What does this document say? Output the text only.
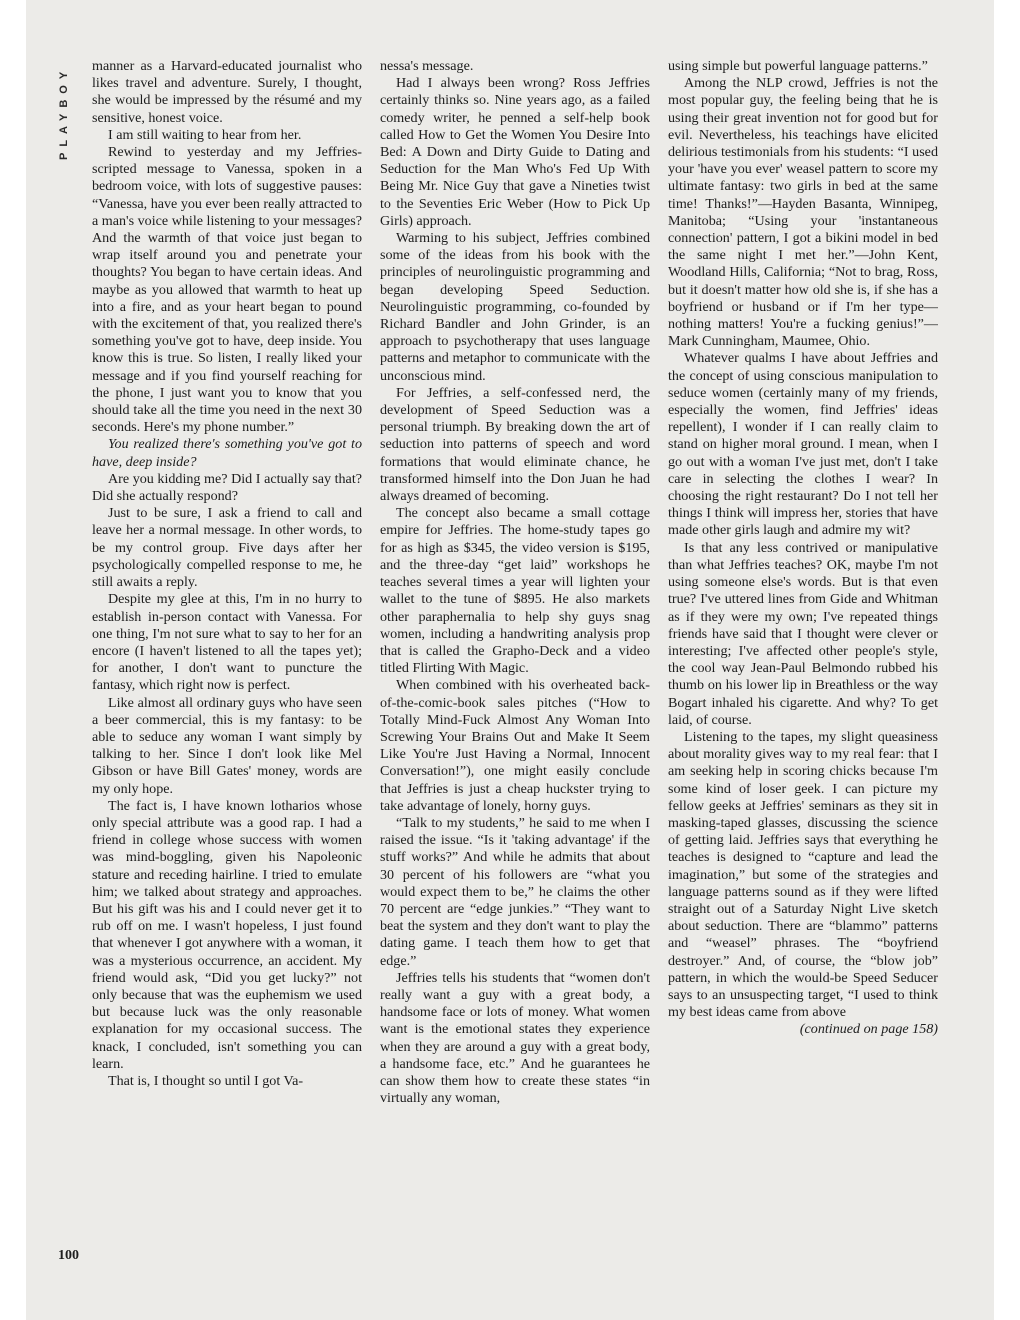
PLAYBOY
100

manner as a Harvard-educated journalist who likes travel and adventure. Surely, I thought, she would be impressed by the résumé and my sensitive, honest voice.

I am still waiting to hear from her.

Rewind to yesterday and my Jeffries-scripted message to Vanessa, spoken in a bedroom voice, with lots of suggestive pauses: “Vanessa, have you ever been really attracted to a man's voice while listening to your messages? And the warmth of that voice just began to wrap itself around you and penetrate your thoughts? You began to have certain ideas. And maybe as you allowed that warmth to heat up into a fire, and as your heart began to pound with the excitement of that, you realized there's something you've got to have, deep inside. You know this is true. So listen, I really liked your message and if you find yourself reaching for the phone, I just want you to know that you should take all the time you need in the next 30 seconds. Here's my phone number.”

You realized there's something you've got to have, deep inside?

Are you kidding me? Did I actually say that? Did she actually respond?

Just to be sure, I ask a friend to call and leave her a normal message. In other words, to be my control group. Five days after her psychologically compelled response to me, he still awaits a reply.

Despite my glee at this, I'm in no hurry to establish in-person contact with Vanessa. For one thing, I'm not sure what to say to her for an encore (I haven't listened to all the tapes yet); for another, I don't want to puncture the fantasy, which right now is perfect.

Like almost all ordinary guys who have seen a beer commercial, this is my fantasy: to be able to seduce any woman I want simply by talking to her. Since I don't look like Mel Gibson or have Bill Gates' money, words are my only hope.

The fact is, I have known lotharios whose only special attribute was a good rap. I had a friend in college whose success with women was mind-boggling, given his Napoleonic stature and receding hairline. I tried to emulate him; we talked about strategy and approaches. But his gift was his and I could never get it to rub off on me. I wasn't hopeless, I just found that whenever I got anywhere with a woman, it was a mysterious occurrence, an accident. My friend would ask, “Did you get lucky?” not only because that was the euphemism we used but because luck was the only reasonable explanation for my occasional success. The knack, I concluded, isn't something you can learn.

That is, I thought so until I got Va-

nessa's message.

Had I always been wrong? Ross Jeffries certainly thinks so. Nine years ago, as a failed comedy writer, he penned a self-help book called How to Get the Women You Desire Into Bed: A Down and Dirty Guide to Dating and Seduction for the Man Who's Fed Up With Being Mr. Nice Guy that gave a Nineties twist to the Seventies Eric Weber (How to Pick Up Girls) approach.

Warming to his subject, Jeffries combined some of the ideas from his book with the principles of neurolinguistic programming and began developing Speed Seduction. Neurolinguistic programming, co-founded by Richard Bandler and John Grinder, is an approach to psychotherapy that uses language patterns and metaphor to communicate with the unconscious mind.

For Jeffries, a self-confessed nerd, the development of Speed Seduction was a personal triumph. By breaking down the art of seduction into patterns of speech and word formations that would eliminate chance, he transformed himself into the Don Juan he had always dreamed of becoming.

The concept also became a small cottage empire for Jeffries. The home-study tapes go for as high as $345, the video version is $195, and the three-day “get laid” workshops he teaches several times a year will lighten your wallet to the tune of $895. He also markets other paraphernalia to help shy guys snag women, including a handwriting analysis prop that is called the Grapho-Deck and a video titled Flirting With Magic.

When combined with his overheated back-of-the-comic-book sales pitches (“How to Totally Mind-Fuck Almost Any Woman Into Screwing Your Brains Out and Make It Seem Like You're Just Having a Normal, Innocent Conversation!”), one might easily conclude that Jeffries is just a cheap huckster trying to take advantage of lonely, horny guys.

“Talk to my students,” he said to me when I raised the issue. “Is it 'taking advantage' if the stuff works?” And while he admits that about 30 percent of his followers are “what you would expect them to be,” he claims the other 70 percent are “edge junkies.” “They want to beat the system and they don't want to play the dating game. I teach them how to get that edge.”

Jeffries tells his students that “women don't really want a guy with a great body, a handsome face or lots of money. What women want is the emotional states they experience when they are around a guy with a great body, a handsome face, etc.” And he guarantees he can show them how to create these states “in virtually any woman,

using simple but powerful language patterns.”

Among the NLP crowd, Jeffries is not the most popular guy, the feeling being that he is using their great invention not for good but for evil. Nevertheless, his teachings have elicited delirious testimonials from his students: “I used your 'have you ever' weasel pattern to score my ultimate fantasy: two girls in bed at the same time! Thanks!”—Hayden Basanta, Winnipeg, Manitoba; “Using your 'instantaneous connection' pattern, I got a bikini model in bed the same night I met her.”—John Kent, Woodland Hills, California; “Not to brag, Ross, but it doesn't matter how old she is, if she has a boyfriend or husband or if I'm her type—nothing matters! You're a fucking genius!”—Mark Cunningham, Maumee, Ohio.

Whatever qualms I have about Jeffries and the concept of using conscious manipulation to seduce women (certainly many of my friends, especially the women, find Jeffries' ideas repellent), I wonder if I can really claim to stand on higher moral ground. I mean, when I go out with a woman I've just met, don't I take care in selecting the clothes I wear? In choosing the right restaurant? Do I not tell her things I think will impress her, stories that have made other girls laugh and admire my wit?

Is that any less contrived or manipulative than what Jeffries teaches? OK, maybe I'm not using someone else's words. But is that even true? I've uttered lines from Gide and Whitman as if they were my own; I've repeated things friends have said that I thought were clever or interesting; I've affected other people's style, the cool way Jean-Paul Belmondo rubbed his thumb on his lower lip in Breathless or the way Bogart inhaled his cigarette. And why? To get laid, of course.

Listening to the tapes, my slight queasiness about morality gives way to my real fear: that I am seeking help in scoring chicks because I'm some kind of loser geek. I can picture my fellow geeks at Jeffries' seminars as they sit in masking-taped glasses, discussing the science of getting laid. Jeffries says that everything he teaches is designed to “capture and lead the imagination,” but some of the strategies and language patterns sound as if they were lifted straight out of a Saturday Night Live sketch about seduction. There are “blammo” patterns and “weasel” phrases. The “boyfriend destroyer.” And, of course, the “blow job” pattern, in which the would-be Speed Seducer says to an unsuspecting target, “I used to think my best ideas came from above

(continued on page 158)
